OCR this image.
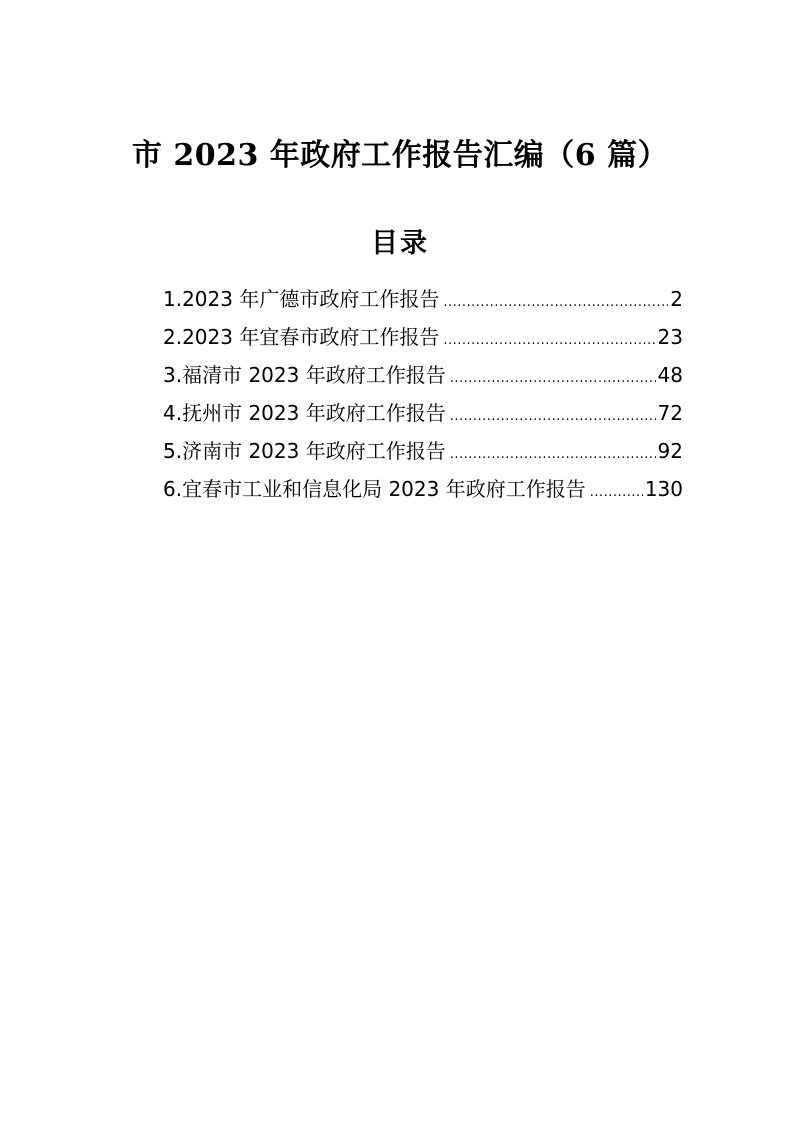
市 2023 年政府工作报告汇编（6 篇）
目录
1.2023 年广德市政府工作报告 .....	2
2.2023 年宜春市政府工作报告 .....	23
3.福清市 2023 年政府工作报告 .....	48
4.抚州市 2023 年政府工作报告 .....	72
5.济南市 2023 年政府工作报告 .....	92
6.宜春市工业和信息化局 2023 年政府工作报告 .....	130
